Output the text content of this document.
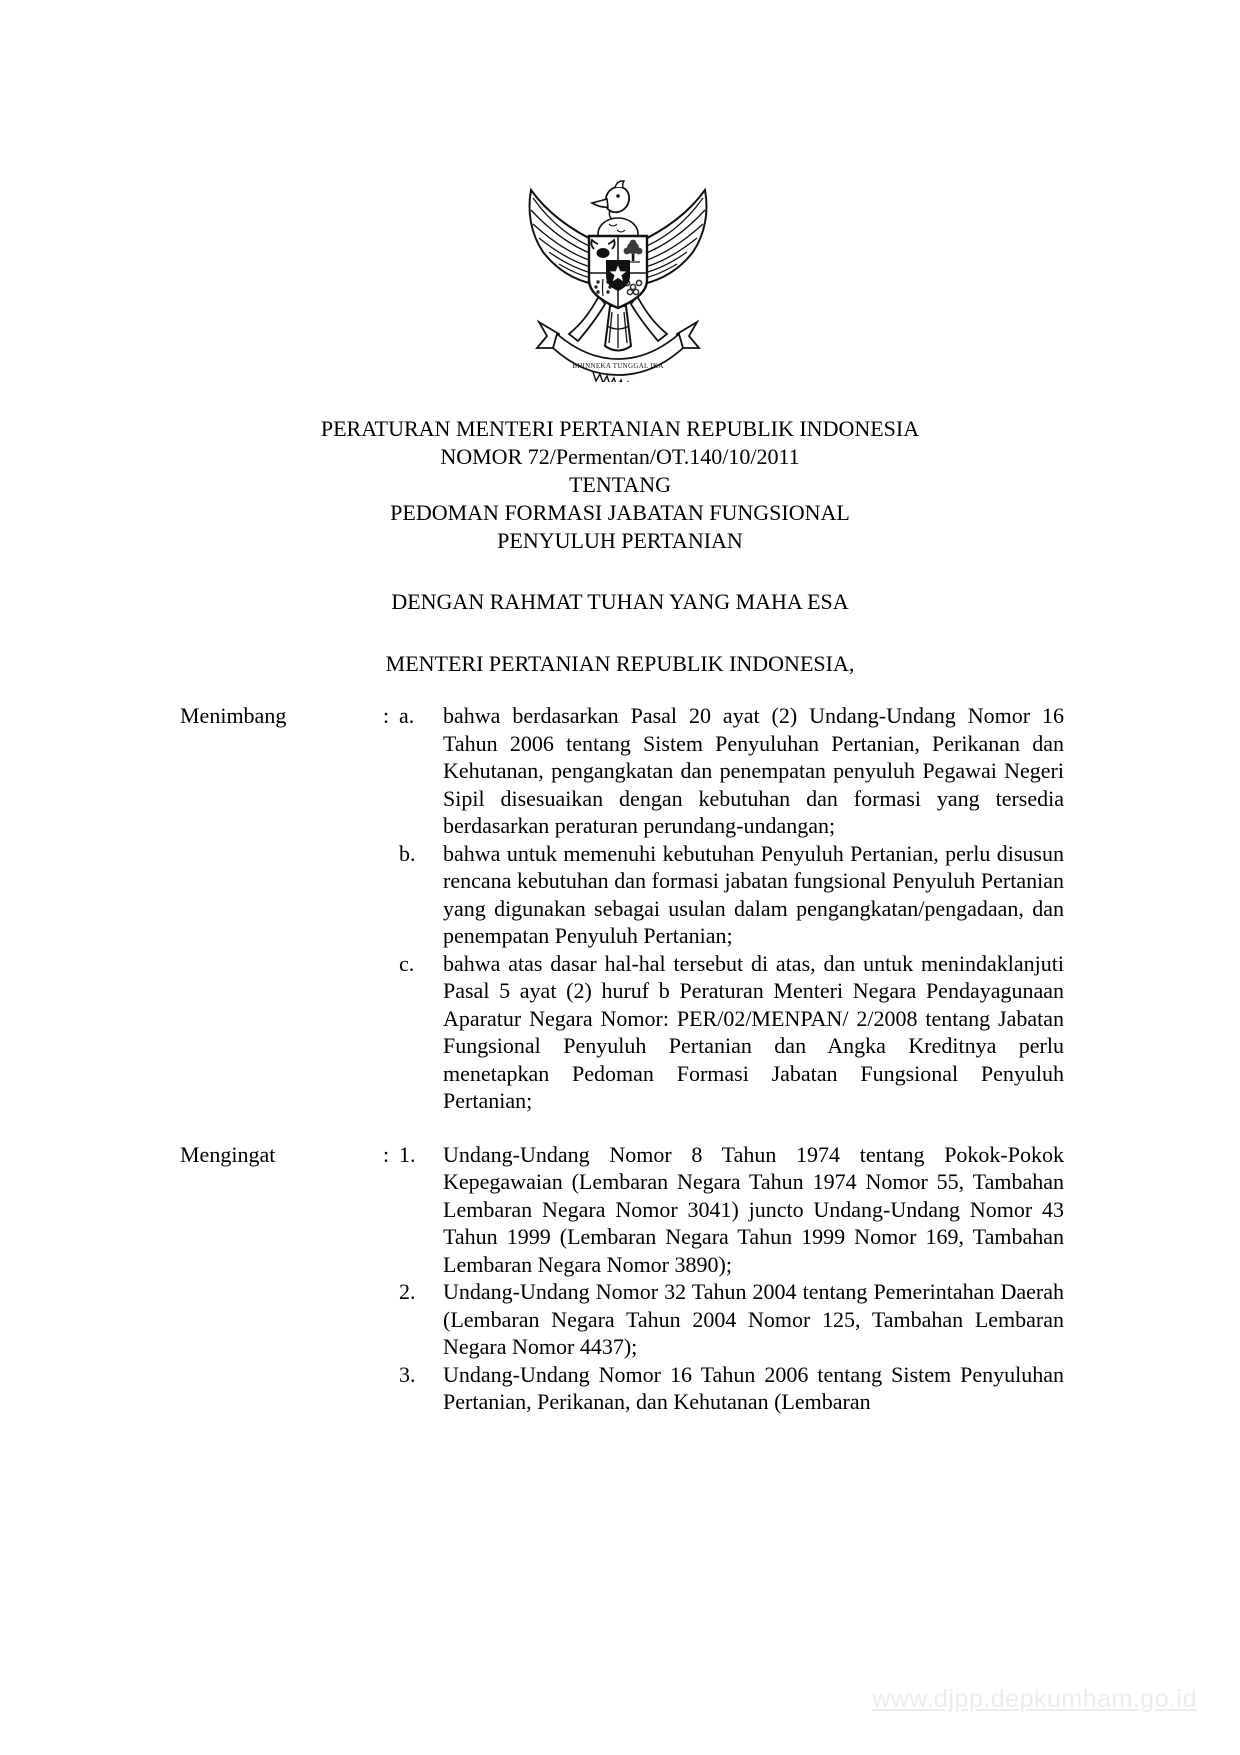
BHINNEKA TUNGGAL IKA
PERATURAN MENTERI PERTANIAN REPUBLIK INDONESIA
NOMOR 72/Permentan/OT.140/10/2011
TENTANG
PEDOMAN FORMASI JABATAN FUNGSIONAL
PENYULUH PERTANIAN
DENGAN RAHMAT TUHAN YANG MAHA ESA
MENTERI PERTANIAN REPUBLIK INDONESIA,
Menimbang	: a.	bahwa berdasarkan Pasal 20 ayat (2) Undang-Undang Nomor 16 Tahun 2006 tentang Sistem Penyuluhan Pertanian, Perikanan dan Kehutanan, pengangkatan dan penempatan penyuluh Pegawai Negeri Sipil disesuaikan dengan kebutuhan dan formasi yang tersedia berdasarkan peraturan perundang-undangan;
b.	bahwa untuk memenuhi kebutuhan Penyuluh Pertanian, perlu disusun rencana kebutuhan dan formasi jabatan fungsional Penyuluh Pertanian yang digunakan sebagai usulan dalam pengangkatan/pengadaan, dan penempatan Penyuluh Pertanian;
c.	bahwa atas dasar hal-hal tersebut di atas, dan untuk menindaklanjuti Pasal 5 ayat (2) huruf b Peraturan Menteri Negara Pendayagunaan Aparatur Negara Nomor: PER/02/MENPAN/ 2/2008 tentang Jabatan Fungsional Penyuluh Pertanian dan Angka Kreditnya perlu menetapkan Pedoman Formasi Jabatan Fungsional Penyuluh Pertanian;
Mengingat	: 1.	Undang-Undang Nomor 8 Tahun 1974 tentang Pokok-Pokok Kepegawaian (Lembaran Negara Tahun 1974 Nomor 55, Tambahan Lembaran Negara Nomor 3041) juncto Undang-Undang Nomor 43 Tahun 1999 (Lembaran Negara Tahun 1999 Nomor 169, Tambahan Lembaran Negara Nomor 3890);
2.	Undang-Undang Nomor 32 Tahun 2004 tentang Pemerintahan Daerah (Lembaran Negara Tahun 2004 Nomor 125, Tambahan Lembaran Negara Nomor 4437);
3.	Undang-Undang Nomor 16 Tahun 2006 tentang Sistem Penyuluhan Pertanian, Perikanan, dan Kehutanan (Lembaran
www.djpp.depkumham.go.id
